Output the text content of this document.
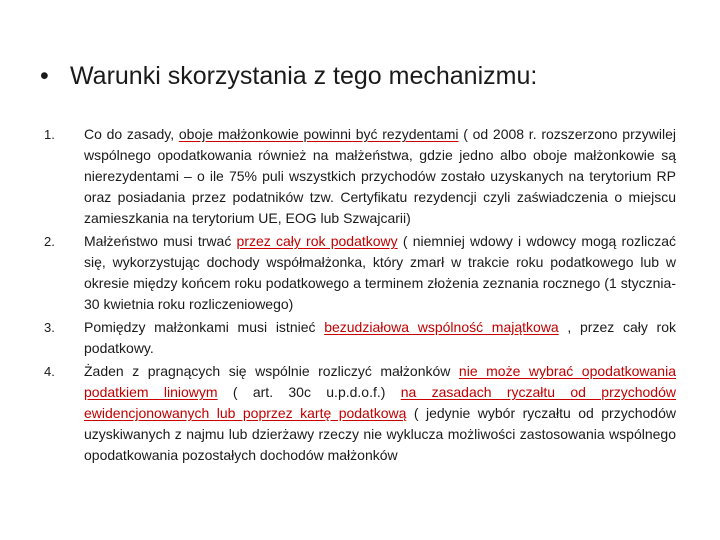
• Warunki skorzystania z tego mechanizmu:
1. Co do zasady, oboje małżonkowie powinni być rezydentami ( od 2008 r. rozszerzono przywilej wspólnego opodatkowania również na małżeństwa, gdzie jedno albo oboje małżonkowie są nierezydentami – o ile 75% puli wszystkich przychodów zostało uzyskanych na terytorium RP oraz posiadania przez podatników tzw. Certyfikatu rezydencji czyli zaświadczenia o miejscu zamieszkania na terytorium UE, EOG lub Szwajcarii)
2. Małżeństwo musi trwać przez cały rok podatkowy ( niemniej wdowy i wdowcy mogą rozliczać się, wykorzystując dochody współmałżonka, który zmarł w trakcie roku podatkowego lub w okresie między końcem roku podatkowego a terminem złożenia zeznania rocznego (1 stycznia-30 kwietnia roku rozliczeniowego)
3. Pomiędzy małżonkami musi istnieć bezudziałowa wspólność majątkowa , przez cały rok podatkowy.
4. Żaden z pragnących się wspólnie rozliczyć małżonków nie może wybrać opodatkowania podatkiem liniowym ( art. 30c u.p.d.o.f.) na zasadach ryczałtu od przychodów ewidencjonowanych lub poprzez kartę podatkową ( jedynie wybór ryczałtu od przychodów uzyskiwanych z najmu lub dzierżawy rzeczy nie wyklucza możliwości zastosowania wspólnego opodatkowania pozostałych dochodów małżonków
